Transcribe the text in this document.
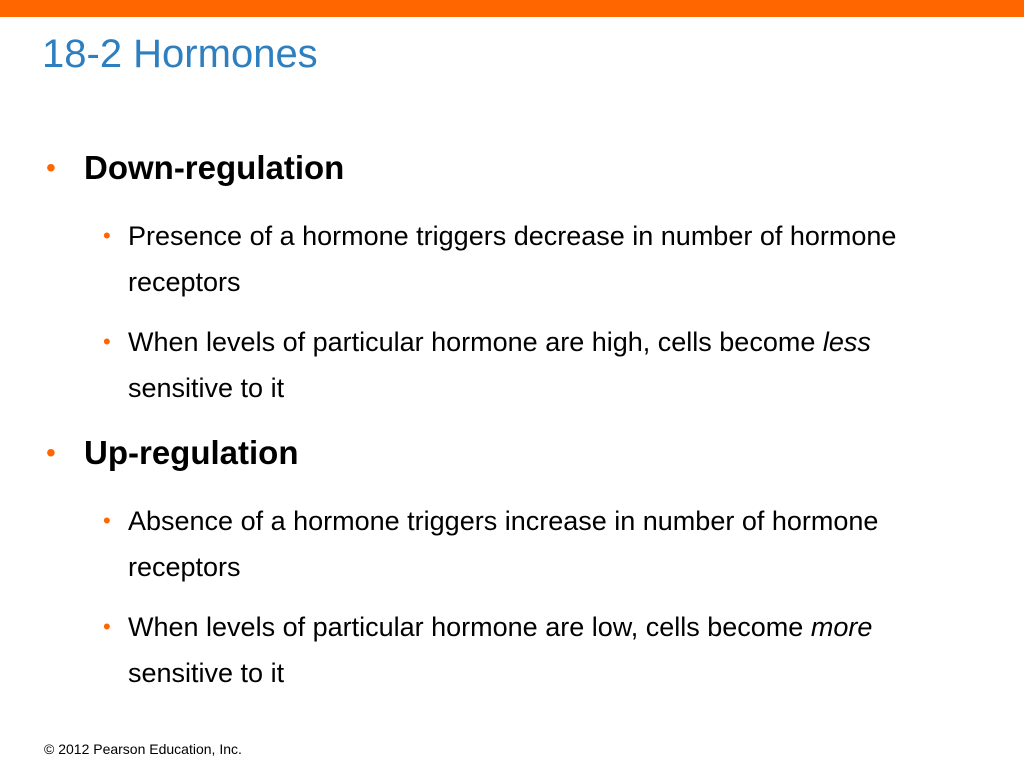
18-2 Hormones
• Down-regulation
• Presence of a hormone triggers decrease in number of hormone receptors

• When levels of particular hormone are high, cells become less sensitive to it

• Up-regulation
• Absence of a hormone triggers increase in number of hormone receptors

• When levels of particular hormone are low, cells become more sensitive to it

© 2012 Pearson Education, Inc.
